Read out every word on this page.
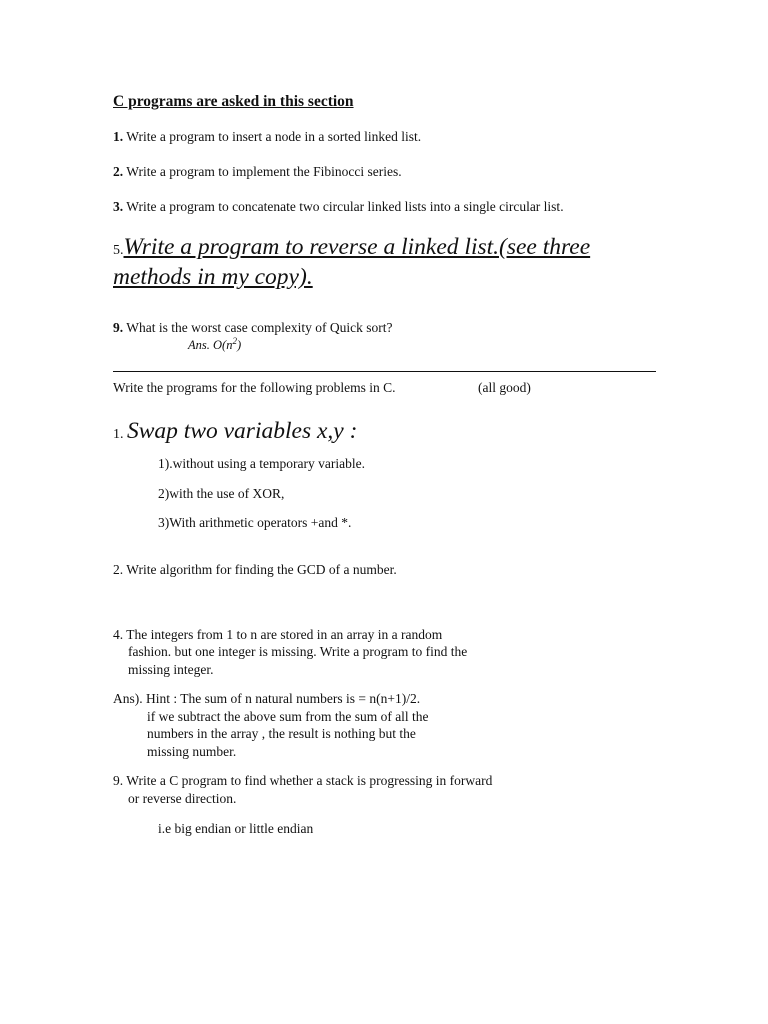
C programs are asked in this section
1. Write a program to insert a node in a sorted linked list.
2. Write a program to implement the Fibinocci series.
3. Write a program to concatenate two circular linked lists into a single circular list.
5.Write a program to reverse a linked list.(see three
methods in my copy).
9. What is the worst case complexity of Quick sort?
Ans. $O(n^2)$
Write the programs for the following problems in C.	(all good)
1. Swap two variables x,y :
1).without using a temporary variable.
2)with the use of XOR,
3)With arithmetic operators +and *.
2. Write algorithm for finding the GCD of a number.
4. The integers from 1 to n are stored in an array in a random
fashion. but one integer is missing. Write a program to find the
missing integer.
Ans). Hint : The sum of n natural numbers is = n(n+1)/2.
if we subtract the above sum from the sum of all the
numbers in the array , the result is nothing but the
missing number.
9. Write a C program to find whether a stack is progressing in forward
or reverse direction.
i.e big endian or little endian
